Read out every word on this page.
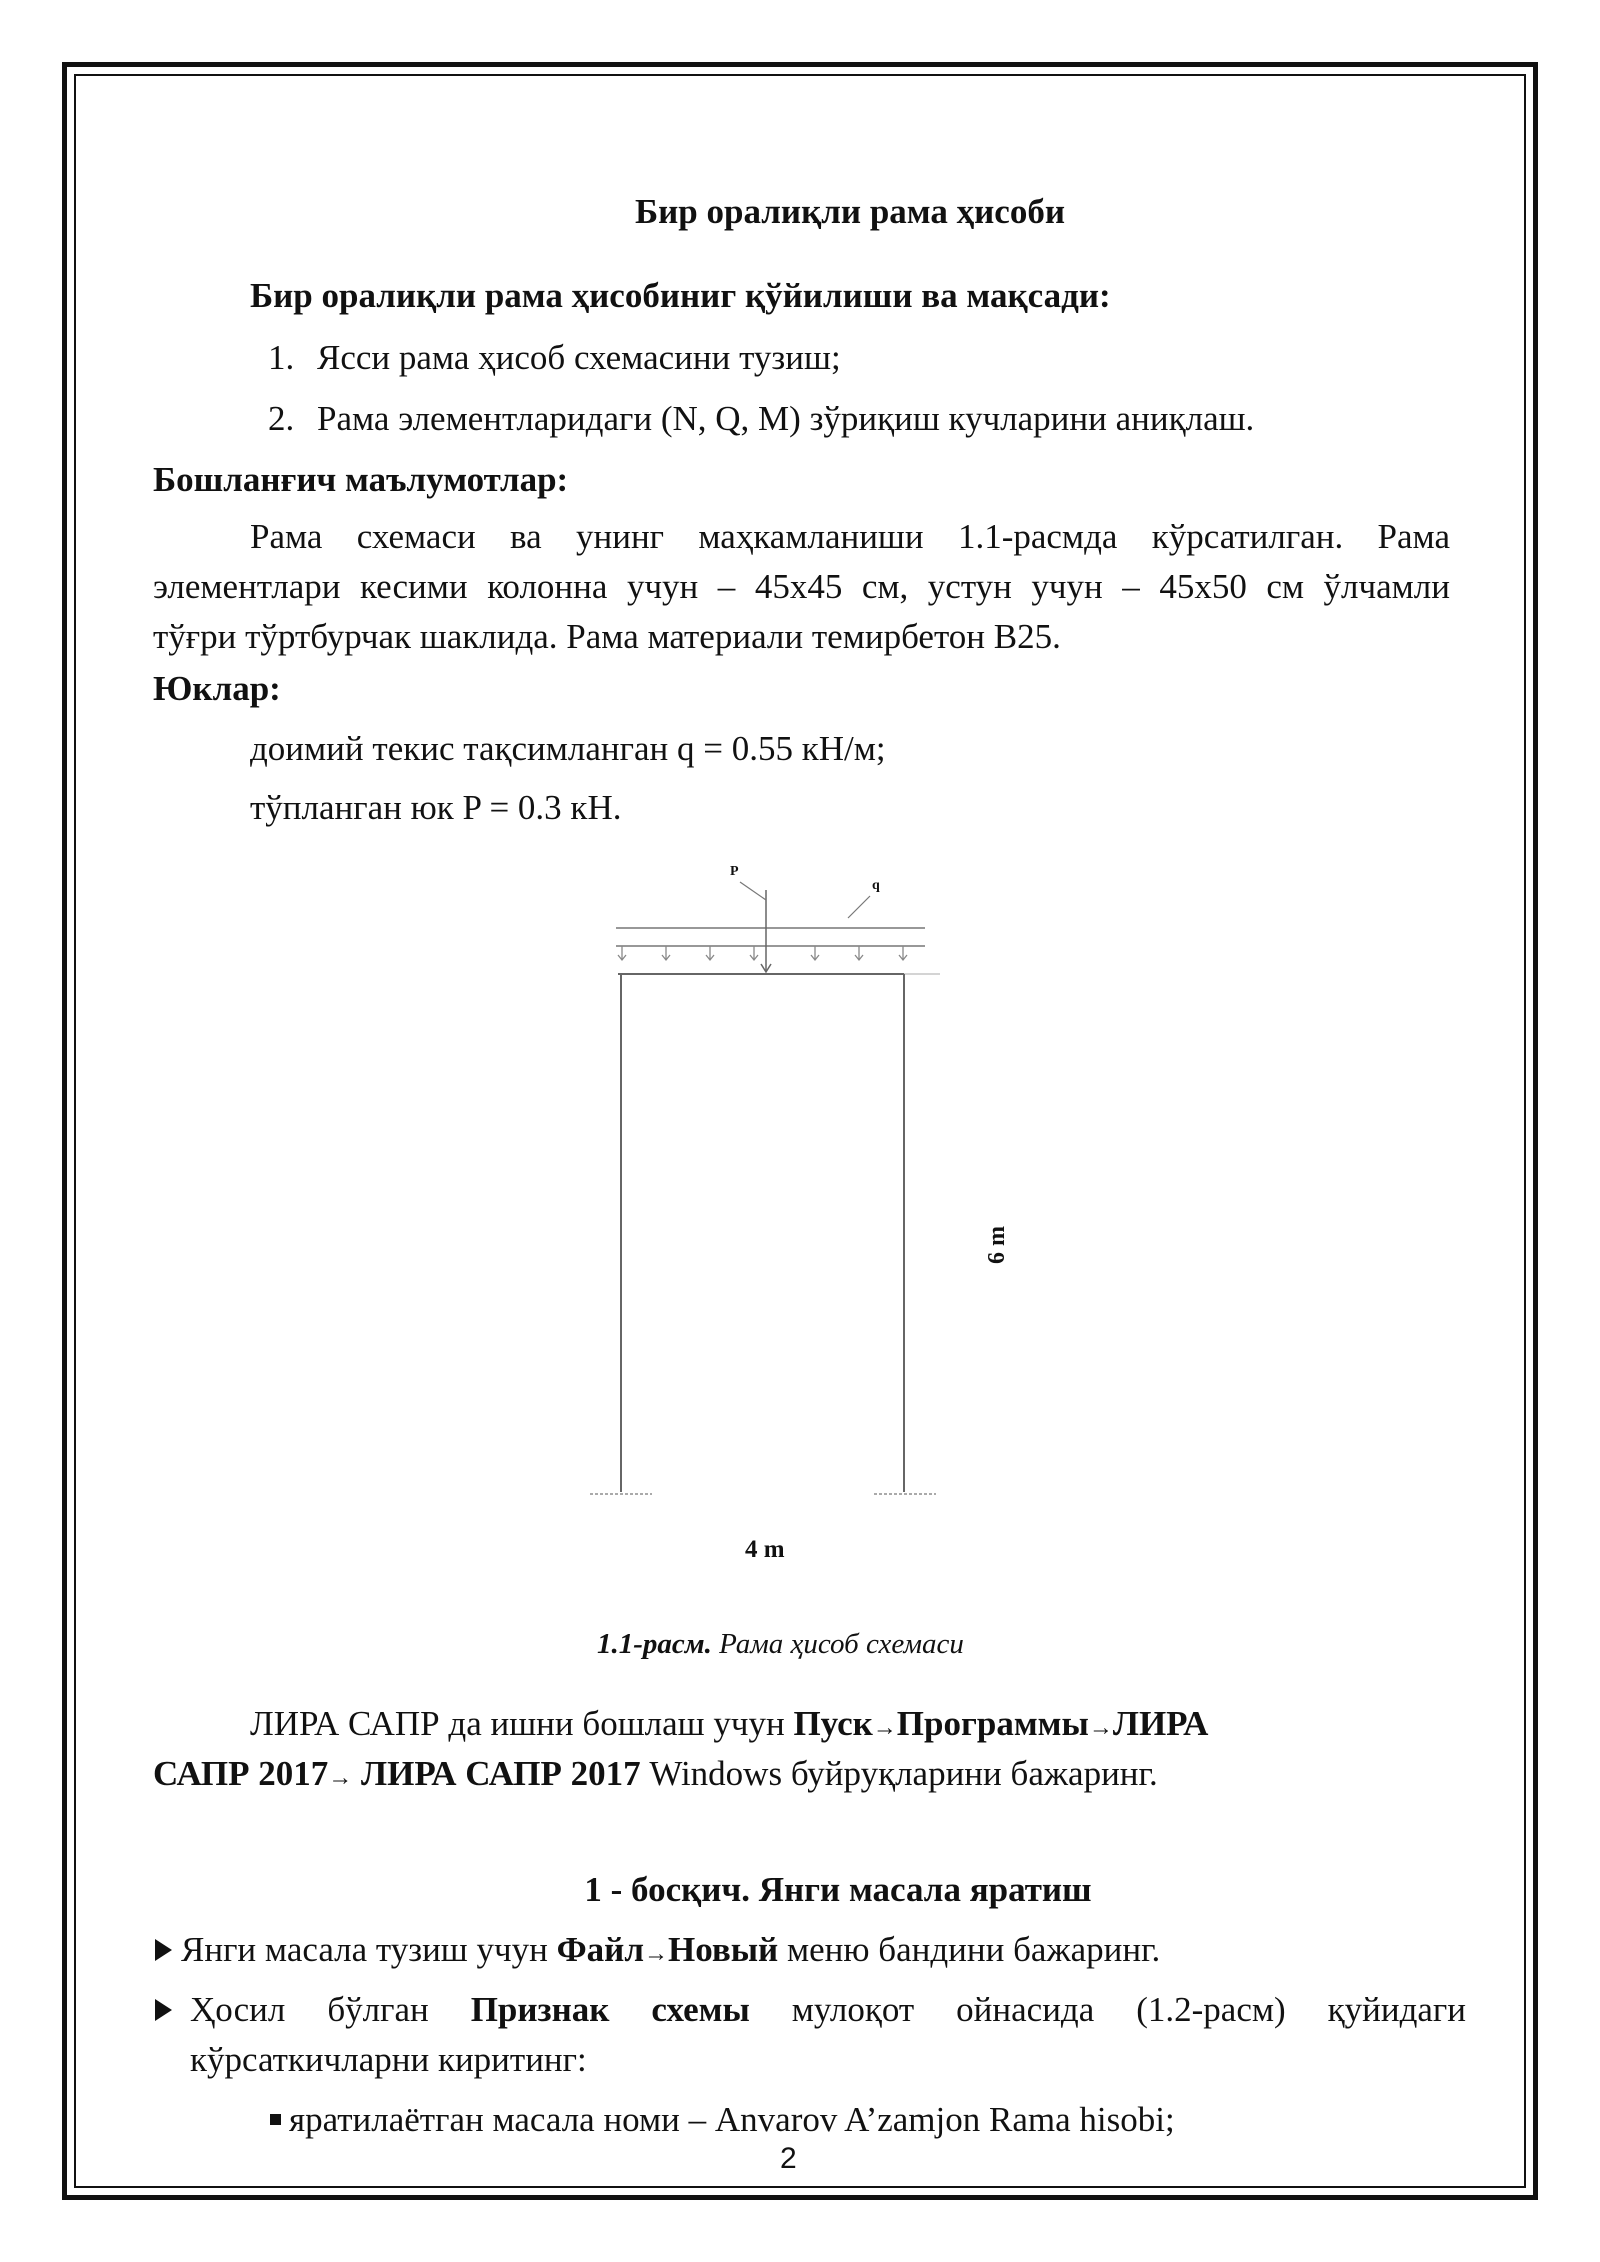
Бир оралиқли рама ҳисоби
Бир оралиқли рама ҳисобиниг қўйилиши ва мақсади:
1. Ясси рама ҳисоб схемасини тузиш;
2. Рама элементларидаги (N, Q, M) зўриқиш кучларини аниқлаш.
Бошланғич маълумотлар:
Рама схемаси ва унинг маҳкамланиши 1.1-расмда кўрсатилган. Рама
элементлари кесими колонна учун – 45х45 см, устун учун – 45х50 см ўлчамли
тўғри тўртбурчак шаклида. Рама материали темирбетон B25.
Юклар:
доимий текис тақсимланган q = 0.55 кН/м;
тўпланган юк P = 0.3 кН.
P
q
6 m
4 m
1.1-расм. Рама ҳисоб схемаси
ЛИРА САПР да ишни бошлаш учун Пуск→Программы→ЛИРА
САПР 2017→ ЛИРА САПР 2017 Windows буйруқларини бажаринг.
1 - босқич. Янги масала яратиш
Янги масала тузиш учун Файл→Новый меню бандини бажаринг.
Ҳосил бўлган Признак схемы мулоқот ойнасида (1.2-расм) қуйидаги
кўрсаткичларни киритинг:
яратилаётган масала номи – Anvarov A’zamjon Rama hisobi;
2
